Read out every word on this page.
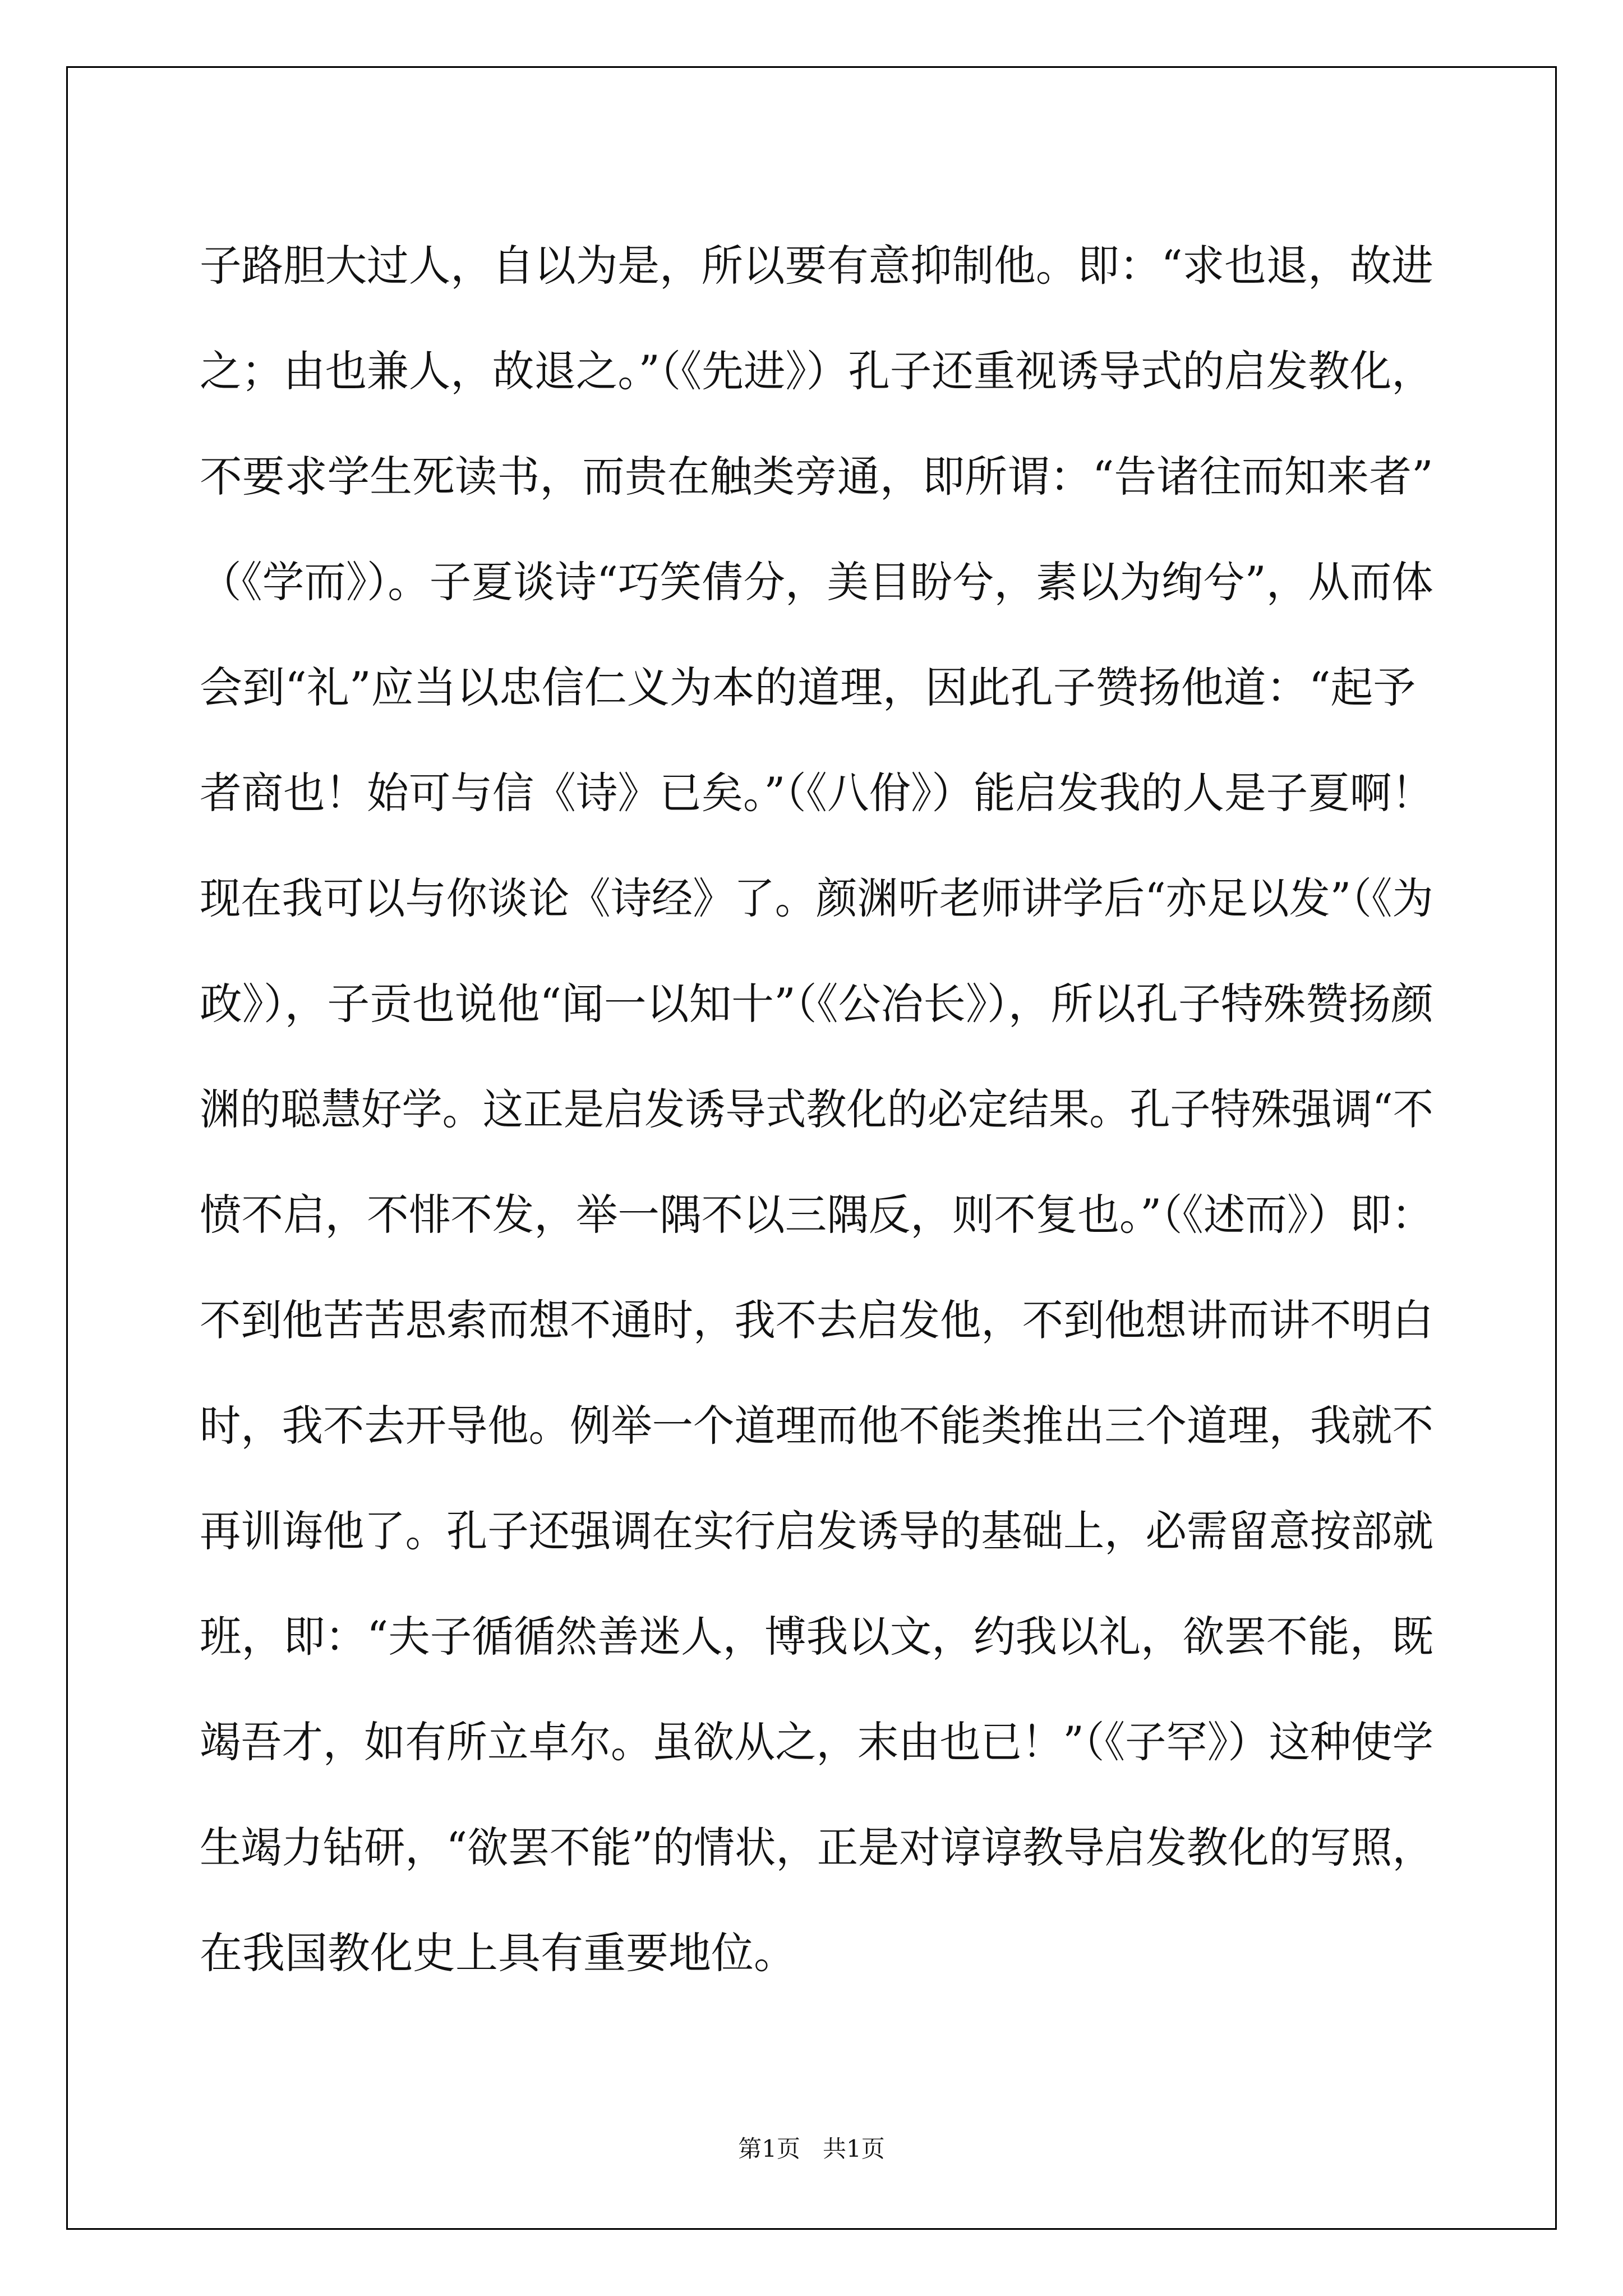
子路胆大过人，自以为是，所以要有意抑制他。即：“求也退，故进
之；由也兼人，故退之。”（《先进》）孔子还重视诱导式的启发教化，
不要求学生死读书，而贵在触类旁通，即所谓：“告诸往而知来者”
（《学而》）。子夏谈诗“巧笑倩分，美目盼兮，素以为绚兮”，从而体
会到“礼”应当以忠信仁义为本的道理，因此孔子赞扬他道：“起予
者商也！始可与信《诗》已矣。”（《八佾》）能启发我的人是子夏啊！
现在我可以与你谈论《诗经》了。颜渊听老师讲学后“亦足以发”（《为
政》），子贡也说他“闻一以知十”（《公冶长》），所以孔子特殊赞扬颜
渊的聪慧好学。这正是启发诱导式教化的必定结果。孔子特殊强调“不
愤不启，不悱不发，举一隅不以三隅反，则不复也。”（《述而》）即：
不到他苦苦思索而想不通时，我不去启发他，不到他想讲而讲不明白
时，我不去开导他。例举一个道理而他不能类推出三个道理，我就不
再训诲他了。孔子还强调在实行启发诱导的基础上，必需留意按部就
班，即：“夫子循循然善迷人，博我以文，约我以礼，欲罢不能，既
竭吾才，如有所立卓尔。虽欲从之，末由也已！”（《子罕》）这种使学
生竭力钻研，“欲罢不能”的情状，正是对谆谆教导启发教化的写照，
在我国教化史上具有重要地位。
第1页   共1页
